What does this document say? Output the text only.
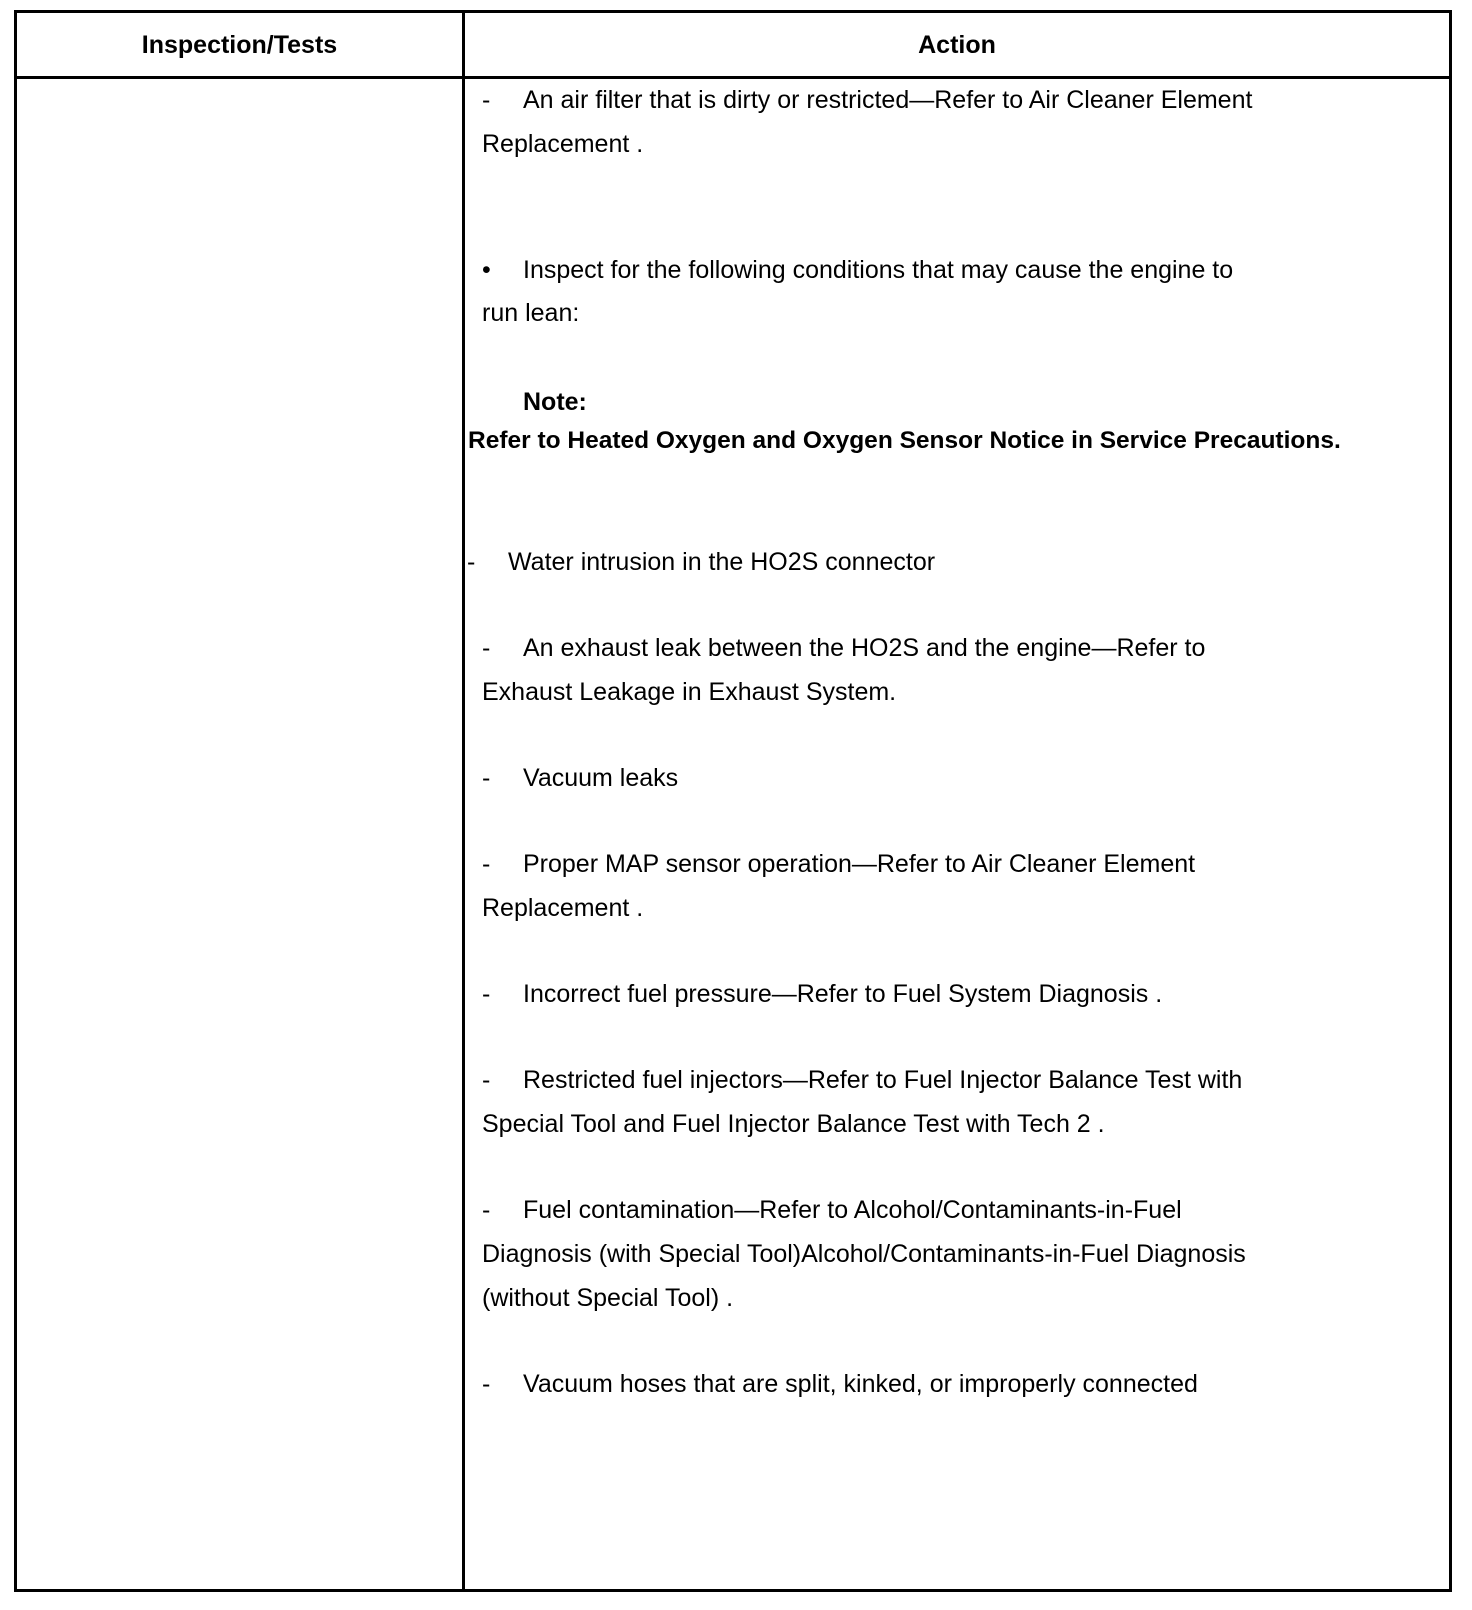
Inspection/Tests	Action
- An air filter that is dirty or restricted—Refer to Air Cleaner Element
Replacement .
• Inspect for the following conditions that may cause the engine to
run lean:
Note:
Refer to Heated Oxygen and Oxygen Sensor Notice in Service Precautions.
- Water intrusion in the HO2S connector
- An exhaust leak between the HO2S and the engine—Refer to
Exhaust Leakage in Exhaust System.
- Vacuum leaks
- Proper MAP sensor operation—Refer to Air Cleaner Element
Replacement .
- Incorrect fuel pressure—Refer to Fuel System Diagnosis .
- Restricted fuel injectors—Refer to Fuel Injector Balance Test with
Special Tool and Fuel Injector Balance Test with Tech 2 .
- Fuel contamination—Refer to Alcohol/Contaminants-in-Fuel
Diagnosis (with Special Tool)Alcohol/Contaminants-in-Fuel Diagnosis
(without Special Tool) .
- Vacuum hoses that are split, kinked, or improperly connected
